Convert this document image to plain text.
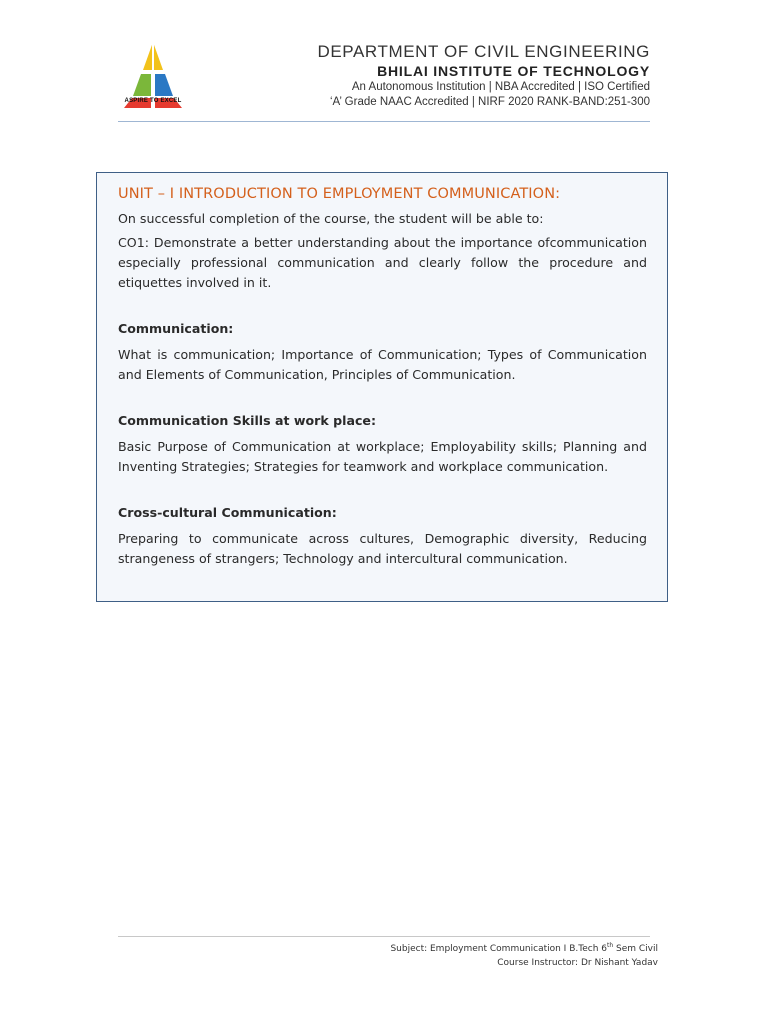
ASPIRE TO EXCEL
DEPARTMENT OF CIVIL ENGINEERING
BHILAI INSTITUTE OF TECHNOLOGY
An Autonomous Institution | NBA Accredited | ISO Certified
‘A’ Grade NAAC Accredited | NIRF 2020 RANK-BAND:251-300
UNIT – I INTRODUCTION TO EMPLOYMENT COMMUNICATION:

On successful completion of the course, the student will be able to:

CO1: Demonstrate a better understanding about the importance ofcommunication especially professional communication and clearly follow the procedure and etiquettes involved in it.

Communication:

What is communication; Importance of Communication; Types of Communication and Elements of Communication, Principles of Communication.

Communication Skills at work place:

Basic Purpose of Communication at workplace; Employability skills; Planning and Inventing Strategies; Strategies for teamwork and workplace communication.

Cross-cultural Communication:

Preparing to communicate across cultures, Demographic diversity, Reducing strangeness of strangers; Technology and intercultural communication.

Subject: Employment Communication I B.Tech 6th Sem Civil
Course Instructor: Dr Nishant Yadav
